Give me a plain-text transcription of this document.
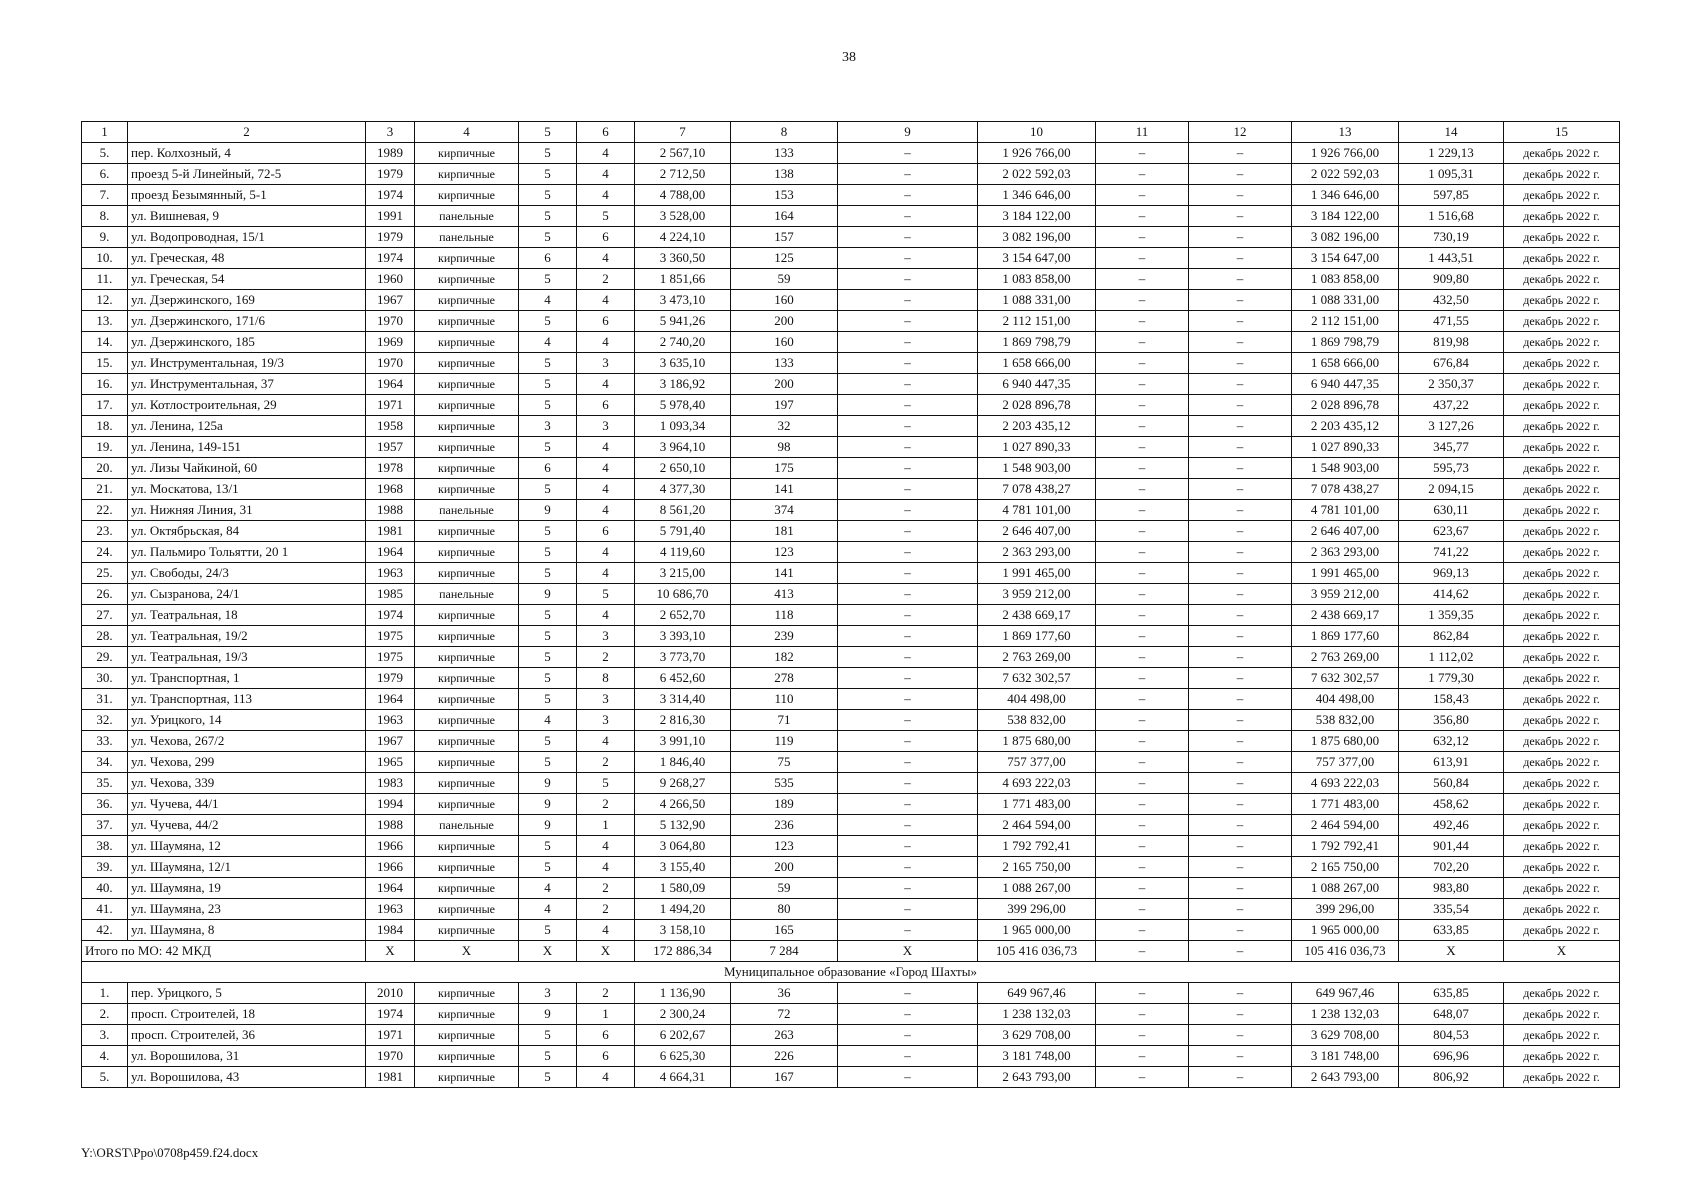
38
1	2	3	4	5	6	7	8	9	10	11	12	13	14	15
5.	пер. Колхозный, 4	1989	кирпичные	5	4	2 567,10	133	–	1 926 766,00	–	–	1 926 766,00	1 229,13	декабрь 2022 г.
6.	проезд 5-й Линейный, 72-5	1979	кирпичные	5	4	2 712,50	138	–	2 022 592,03	–	–	2 022 592,03	1 095,31	декабрь 2022 г.
7.	проезд Безымянный, 5-1	1974	кирпичные	5	4	4 788,00	153	–	1 346 646,00	–	–	1 346 646,00	597,85	декабрь 2022 г.
8.	ул. Вишневая, 9	1991	панельные	5	5	3 528,00	164	–	3 184 122,00	–	–	3 184 122,00	1 516,68	декабрь 2022 г.
9.	ул. Водопроводная, 15/1	1979	панельные	5	6	4 224,10	157	–	3 082 196,00	–	–	3 082 196,00	730,19	декабрь 2022 г.
10.	ул. Греческая, 48	1974	кирпичные	6	4	3 360,50	125	–	3 154 647,00	–	–	3 154 647,00	1 443,51	декабрь 2022 г.
11.	ул. Греческая, 54	1960	кирпичные	5	2	1 851,66	59	–	1 083 858,00	–	–	1 083 858,00	909,80	декабрь 2022 г.
12.	ул. Дзержинского, 169	1967	кирпичные	4	4	3 473,10	160	–	1 088 331,00	–	–	1 088 331,00	432,50	декабрь 2022 г.
13.	ул. Дзержинского, 171/6	1970	кирпичные	5	6	5 941,26	200	–	2 112 151,00	–	–	2 112 151,00	471,55	декабрь 2022 г.
14.	ул. Дзержинского, 185	1969	кирпичные	4	4	2 740,20	160	–	1 869 798,79	–	–	1 869 798,79	819,98	декабрь 2022 г.
15.	ул. Инструментальная, 19/3	1970	кирпичные	5	3	3 635,10	133	–	1 658 666,00	–	–	1 658 666,00	676,84	декабрь 2022 г.
16.	ул. Инструментальная, 37	1964	кирпичные	5	4	3 186,92	200	–	6 940 447,35	–	–	6 940 447,35	2 350,37	декабрь 2022 г.
17.	ул. Котлостроительная, 29	1971	кирпичные	5	6	5 978,40	197	–	2 028 896,78	–	–	2 028 896,78	437,22	декабрь 2022 г.
18.	ул. Ленина, 125а	1958	кирпичные	3	3	1 093,34	32	–	2 203 435,12	–	–	2 203 435,12	3 127,26	декабрь 2022 г.
19.	ул. Ленина, 149-151	1957	кирпичные	5	4	3 964,10	98	–	1 027 890,33	–	–	1 027 890,33	345,77	декабрь 2022 г.
20.	ул. Лизы Чайкиной, 60	1978	кирпичные	6	4	2 650,10	175	–	1 548 903,00	–	–	1 548 903,00	595,73	декабрь 2022 г.
21.	ул. Москатова, 13/1	1968	кирпичные	5	4	4 377,30	141	–	7 078 438,27	–	–	7 078 438,27	2 094,15	декабрь 2022 г.
22.	ул. Нижняя Линия, 31	1988	панельные	9	4	8 561,20	374	–	4 781 101,00	–	–	4 781 101,00	630,11	декабрь 2022 г.
23.	ул. Октябрьская, 84	1981	кирпичные	5	6	5 791,40	181	–	2 646 407,00	–	–	2 646 407,00	623,67	декабрь 2022 г.
24.	ул. Пальмиро Тольятти, 20 1	1964	кирпичные	5	4	4 119,60	123	–	2 363 293,00	–	–	2 363 293,00	741,22	декабрь 2022 г.
25.	ул. Свободы, 24/3	1963	кирпичные	5	4	3 215,00	141	–	1 991 465,00	–	–	1 991 465,00	969,13	декабрь 2022 г.
26.	ул. Сызранова, 24/1	1985	панельные	9	5	10 686,70	413	–	3 959 212,00	–	–	3 959 212,00	414,62	декабрь 2022 г.
27.	ул. Театральная, 18	1974	кирпичные	5	4	2 652,70	118	–	2 438 669,17	–	–	2 438 669,17	1 359,35	декабрь 2022 г.
28.	ул. Театральная, 19/2	1975	кирпичные	5	3	3 393,10	239	–	1 869 177,60	–	–	1 869 177,60	862,84	декабрь 2022 г.
29.	ул. Театральная, 19/3	1975	кирпичные	5	2	3 773,70	182	–	2 763 269,00	–	–	2 763 269,00	1 112,02	декабрь 2022 г.
30.	ул. Транспортная, 1	1979	кирпичные	5	8	6 452,60	278	–	7 632 302,57	–	–	7 632 302,57	1 779,30	декабрь 2022 г.
31.	ул. Транспортная, 113	1964	кирпичные	5	3	3 314,40	110	–	404 498,00	–	–	404 498,00	158,43	декабрь 2022 г.
32.	ул. Урицкого, 14	1963	кирпичные	4	3	2 816,30	71	–	538 832,00	–	–	538 832,00	356,80	декабрь 2022 г.
33.	ул. Чехова, 267/2	1967	кирпичные	5	4	3 991,10	119	–	1 875 680,00	–	–	1 875 680,00	632,12	декабрь 2022 г.
34.	ул. Чехова, 299	1965	кирпичные	5	2	1 846,40	75	–	757 377,00	–	–	757 377,00	613,91	декабрь 2022 г.
35.	ул. Чехова, 339	1983	кирпичные	9	5	9 268,27	535	–	4 693 222,03	–	–	4 693 222,03	560,84	декабрь 2022 г.
36.	ул. Чучева, 44/1	1994	кирпичные	9	2	4 266,50	189	–	1 771 483,00	–	–	1 771 483,00	458,62	декабрь 2022 г.
37.	ул. Чучева, 44/2	1988	панельные	9	1	5 132,90	236	–	2 464 594,00	–	–	2 464 594,00	492,46	декабрь 2022 г.
38.	ул. Шаумяна, 12	1966	кирпичные	5	4	3 064,80	123	–	1 792 792,41	–	–	1 792 792,41	901,44	декабрь 2022 г.
39.	ул. Шаумяна, 12/1	1966	кирпичные	5	4	3 155,40	200	–	2 165 750,00	–	–	2 165 750,00	702,20	декабрь 2022 г.
40.	ул. Шаумяна, 19	1964	кирпичные	4	2	1 580,09	59	–	1 088 267,00	–	–	1 088 267,00	983,80	декабрь 2022 г.
41.	ул. Шаумяна, 23	1963	кирпичные	4	2	1 494,20	80	–	399 296,00	–	–	399 296,00	335,54	декабрь 2022 г.
42.	ул. Шаумяна, 8	1984	кирпичные	5	4	3 158,10	165	–	1 965 000,00	–	–	1 965 000,00	633,85	декабрь 2022 г.
Итого по МО: 42 МКД		X	X	X	X	172 886,34	7 284	X	105 416 036,73	–	–	105 416 036,73	X	X
Муниципальное образование «Город Шахты»														
1.	пер. Урицкого, 5	2010	кирпичные	3	2	1 136,90	36	–	649 967,46	–	–	649 967,46	635,85	декабрь 2022 г.
2.	просп. Строителей, 18	1974	кирпичные	9	1	2 300,24	72	–	1 238 132,03	–	–	1 238 132,03	648,07	декабрь 2022 г.
3.	просп. Строителей, 36	1971	кирпичные	5	6	6 202,67	263	–	3 629 708,00	–	–	3 629 708,00	804,53	декабрь 2022 г.
4.	ул. Ворошилова, 31	1970	кирпичные	5	6	6 625,30	226	–	3 181 748,00	–	–	3 181 748,00	696,96	декабрь 2022 г.
5.	ул. Ворошилова, 43	1981	кирпичные	5	4	4 664,31	167	–	2 643 793,00	–	–	2 643 793,00	806,92	декабрь 2022 г.
Y:\ORST\Ppo\0708p459.f24.docx
